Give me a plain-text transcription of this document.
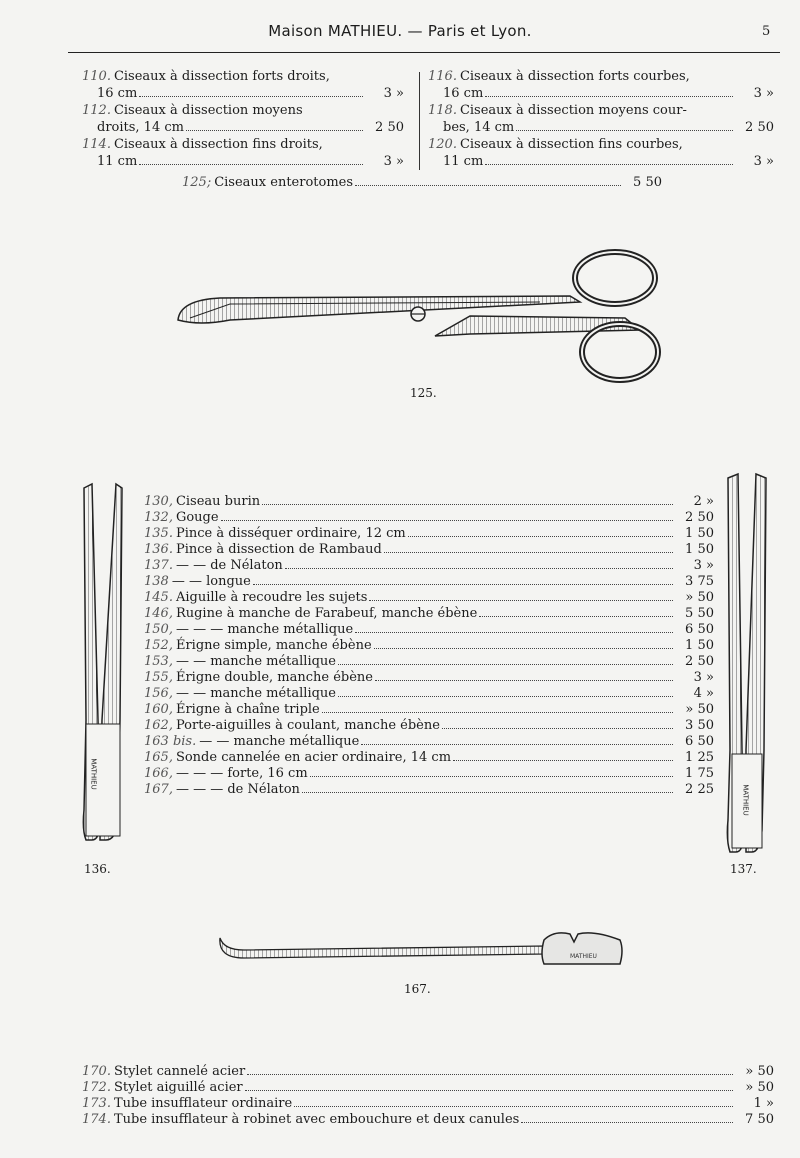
Maison MATHIEU. — Paris et Lyon.	5
110. Ciseaux à dissection forts droits,
16 cm	3 »
112. Ciseaux à dissection moyens
droits, 14 cm	2 50
114. Ciseaux à dissection fins droits,
11 cm	3 »
116. Ciseaux à dissection forts courbes,
16 cm	3 »
118. Ciseaux à dissection moyens cour-
bes, 14 cm	2 50
120. Ciseaux à dissection fins courbes,
11 cm	3 »
125; Ciseaux enterotomes	5 50
125.
MATHIEU
136.
MATHIEU
137.
130, Ciseau burin	2 »
132, Gouge	2 50
135. Pince à disséquer ordinaire, 12 cm	1 50
136. Pince à dissection de Rambaud	1 50
137. — — de Nélaton	3 »
138 — — longue	3 75
145. Aiguille à recoudre les sujets	» 50
146, Rugine à manche de Farabeuf, manche ébène	5 50
150, — — — manche métallique	6 50
152, Érigne simple, manche ébène	1 50
153, — — manche métallique	2 50
155, Érigne double, manche ébène	3 »
156, — — manche métallique	4 »
160, Érigne à chaîne triple	» 50
162, Porte-aiguilles à coulant, manche ébène	3 50
163 bis. — — manche métallique	6 50
165, Sonde cannelée en acier ordinaire, 14 cm	1 25
166, — — — forte, 16 cm	1 75
167, — — — de Nélaton	2 25
MATHIEU
167.
170. Stylet cannelé acier	» 50
172. Stylet aiguillé acier	» 50
173. Tube insufflateur ordinaire	1 »
174. Tube insufflateur à robinet avec embouchure et deux canules	7 50
